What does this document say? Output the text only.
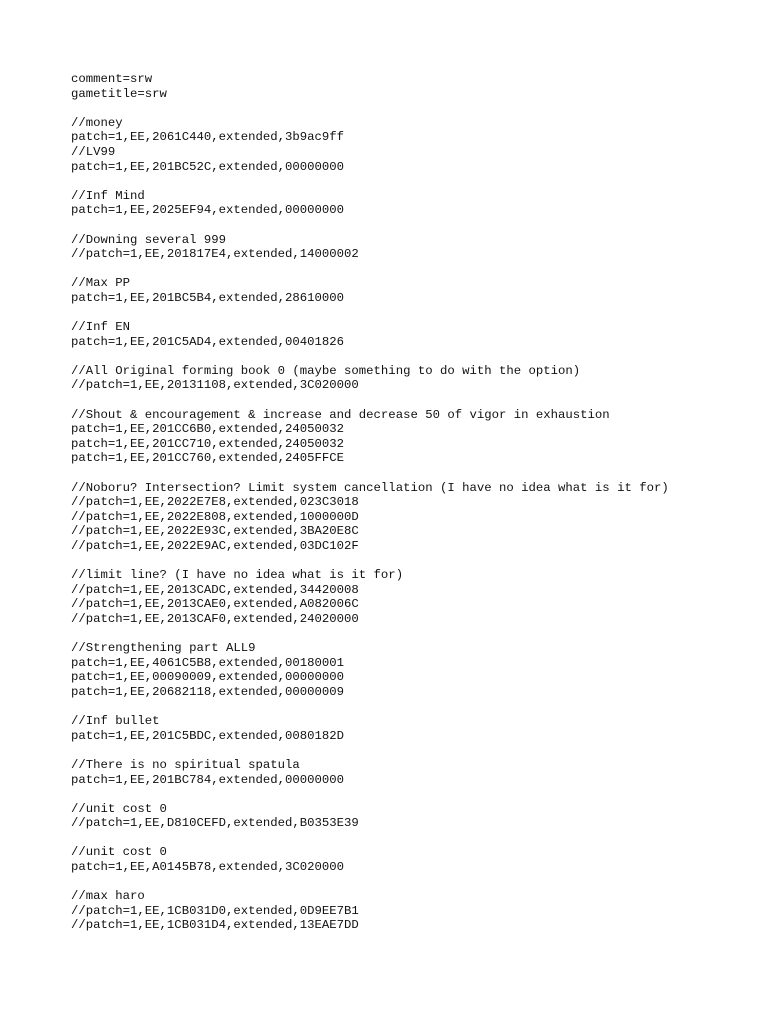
comment=srw
gametitle=srw
//money
patch=1,EE,2061C440,extended,3b9ac9ff
//LV99
patch=1,EE,201BC52C,extended,00000000
//Inf Mind
patch=1,EE,2025EF94,extended,00000000
//Downing several 999
//patch=1,EE,201817E4,extended,14000002
//Max PP
patch=1,EE,201BC5B4,extended,28610000
//Inf EN
patch=1,EE,201C5AD4,extended,00401826
//All Original forming book 0 (maybe something to do with the option)
//patch=1,EE,20131108,extended,3C020000
//Shout & encouragement & increase and decrease 50 of vigor in exhaustion
patch=1,EE,201CC6B0,extended,24050032
patch=1,EE,201CC710,extended,24050032
patch=1,EE,201CC760,extended,2405FFCE
//Noboru? Intersection? Limit system cancellation (I have no idea what is it for)
//patch=1,EE,2022E7E8,extended,023C3018
//patch=1,EE,2022E808,extended,1000000D
//patch=1,EE,2022E93C,extended,3BA20E8C
//patch=1,EE,2022E9AC,extended,03DC102F
//limit line? (I have no idea what is it for)
//patch=1,EE,2013CADC,extended,34420008
//patch=1,EE,2013CAE0,extended,A082006C
//patch=1,EE,2013CAF0,extended,24020000
//Strengthening part ALL9
patch=1,EE,4061C5B8,extended,00180001
patch=1,EE,00090009,extended,00000000
patch=1,EE,20682118,extended,00000009
//Inf bullet
patch=1,EE,201C5BDC,extended,0080182D
//There is no spiritual spatula
patch=1,EE,201BC784,extended,00000000
//unit cost 0
//patch=1,EE,D810CEFD,extended,B0353E39
//unit cost 0
patch=1,EE,A0145B78,extended,3C020000
//max haro
//patch=1,EE,1CB031D0,extended,0D9EE7B1
//patch=1,EE,1CB031D4,extended,13EAE7DD
